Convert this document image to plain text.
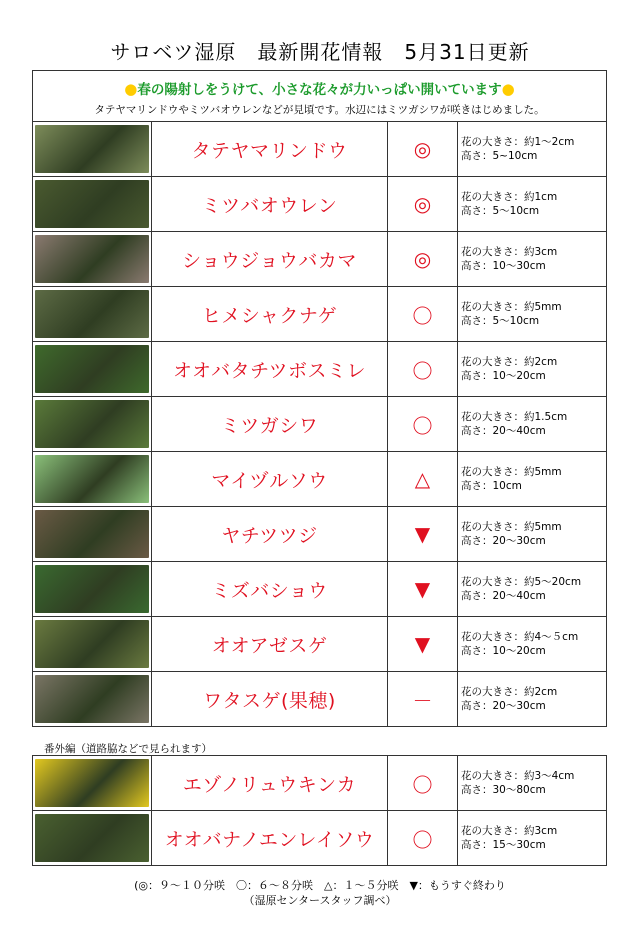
サロベツ湿原　最新開花情報　5月31日更新
●春の陽射しをうけて、小さな花々が力いっぱい開いています●
タテヤマリンドウやミツバオウレンなどが見頃です。水辺にはミツガシワが咲きはじめました。			

	タテヤマリンドウ	◎	花の大きさ：約1～2cm
高さ：5~10cm

	ミツバオウレン	◎	花の大きさ：約1cm
高さ：5～10cm

	ショウジョウバカマ	◎	花の大きさ：約3cm
高さ：10～30cm

	ヒメシャクナゲ	〇	花の大きさ：約5mm
高さ：5～10cm

	オオバタチツボスミレ	〇	花の大きさ：約2cm
高さ：10～20cm

	ミツガシワ	〇	花の大きさ：約1.5cm
高さ：20～40cm

	マイヅルソウ	△	花の大きさ：約5mm
高さ：10cm

	ヤチツツジ	▼	花の大きさ：約5mm
高さ：20～30cm

	ミズバショウ	▼	花の大きさ：約5～20cm
高さ：20～40cm

	オオアゼスゲ	▼	花の大きさ：約4～５cm
高さ：10～20cm

	ワタスゲ(果穂)	－	花の大きさ：約2cm
高さ：20～30cm
番外編（道路脇などで見られます）
	エゾノリュウキンカ	〇	花の大きさ：約3～4cm
高さ：30～80cm

	オオバナノエンレイソウ	〇	花の大きさ：約3cm
高さ：15～30cm
(◎：９～１０分咲　〇：６～８分咲　△：１～５分咲　▼：もうすぐ終わり
（湿原センタースタッフ調べ）
